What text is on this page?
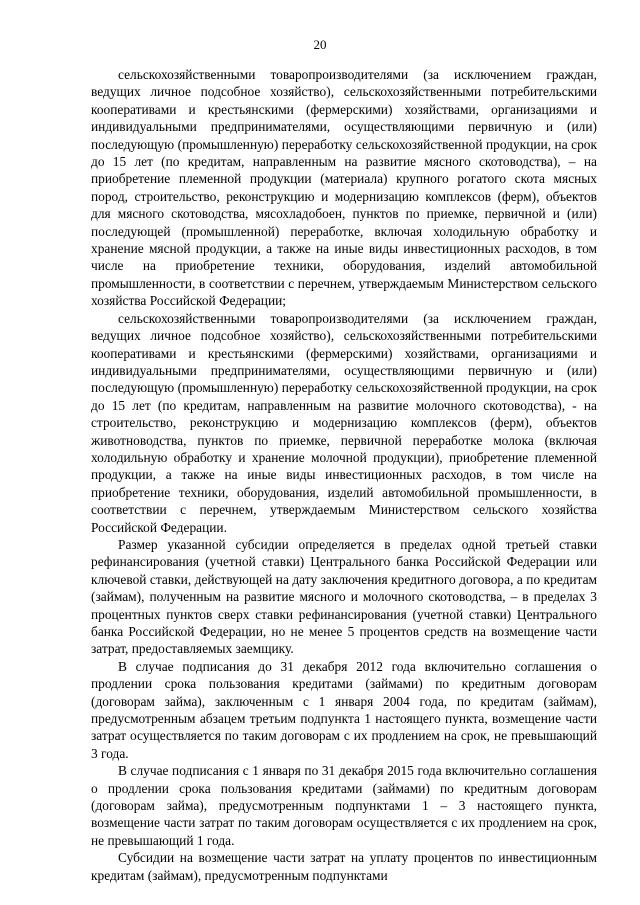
20

сельскохозяйственными товаропроизводителями (за исключением граждан, ведущих личное подсобное хозяйство), сельскохозяйственными потребительскими кооперативами и крестьянскими (фермерскими) хозяйствами, организациями и индивидуальными предпринимателями, осуществляющими первичную и (или) последующую (промышленную) переработку сельскохозяйственной продукции, на срок до 15 лет (по кредитам, направленным на развитие мясного скотоводства), – на приобретение племенной продукции (материала) крупного рогатого скота мясных пород, строительство, реконструкцию и модернизацию комплексов (ферм), объектов для мясного скотоводства, мясохладобоен, пунктов по приемке, первичной и (или) последующей (промышленной) переработке, включая холодильную обработку и хранение мясной продукции, а также на иные виды инвестиционных расходов, в том числе на приобретение техники, оборудования, изделий автомобильной промышленности, в соответствии с перечнем, утверждаемым Министерством сельского хозяйства Российской Федерации;

сельскохозяйственными товаропроизводителями (за исключением граждан, ведущих личное подсобное хозяйство), сельскохозяйственными потребительскими кооперативами и крестьянскими (фермерскими) хозяйствами, организациями и индивидуальными предпринимателями, осуществляющими первичную и (или) последующую (промышленную) переработку сельскохозяйственной продукции, на срок до 15 лет (по кредитам, направленным на развитие молочного скотоводства), - на строительство, реконструкцию и модернизацию комплексов (ферм), объектов животноводства, пунктов по приемке, первичной переработке молока (включая холодильную обработку и хранение молочной продукции), приобретение племенной продукции, а также на иные виды инвестиционных расходов, в том числе на приобретение техники, оборудования, изделий автомобильной промышленности, в соответствии с перечнем, утверждаемым Министерством сельского хозяйства Российской Федерации.

Размер указанной субсидии определяется в пределах одной третьей ставки рефинансирования (учетной ставки) Центрального банка Российской Федерации или ключевой ставки, действующей на дату заключения кредитного договора, а по кредитам (займам), полученным на развитие мясного и молочного скотоводства, – в пределах 3 процентных пунктов сверх ставки рефинансирования (учетной ставки) Центрального банка Российской Федерации, но не менее 5 процентов средств на возмещение части затрат, предоставляемых заемщику.

В случае подписания до 31 декабря 2012 года включительно соглашения о продлении срока пользования кредитами (займами) по кредитным договорам (договорам займа), заключенным с 1 января 2004 года, по кредитам (займам), предусмотренным абзацем третьим подпункта 1 настоящего пункта, возмещение части затрат осуществляется по таким договорам с их продлением на срок, не превышающий 3 года.

В случае подписания с 1 января по 31 декабря 2015 года включительно соглашения о продлении срока пользования кредитами (займами) по кредитным договорам (договорам займа), предусмотренным подпунктами 1 – 3 настоящего пункта, возмещение части затрат по таким договорам осуществляется с их продлением на срок, не превышающий 1 года.

Субсидии на возмещение части затрат на уплату процентов по инвестиционным кредитам (займам), предусмотренным подпунктами
